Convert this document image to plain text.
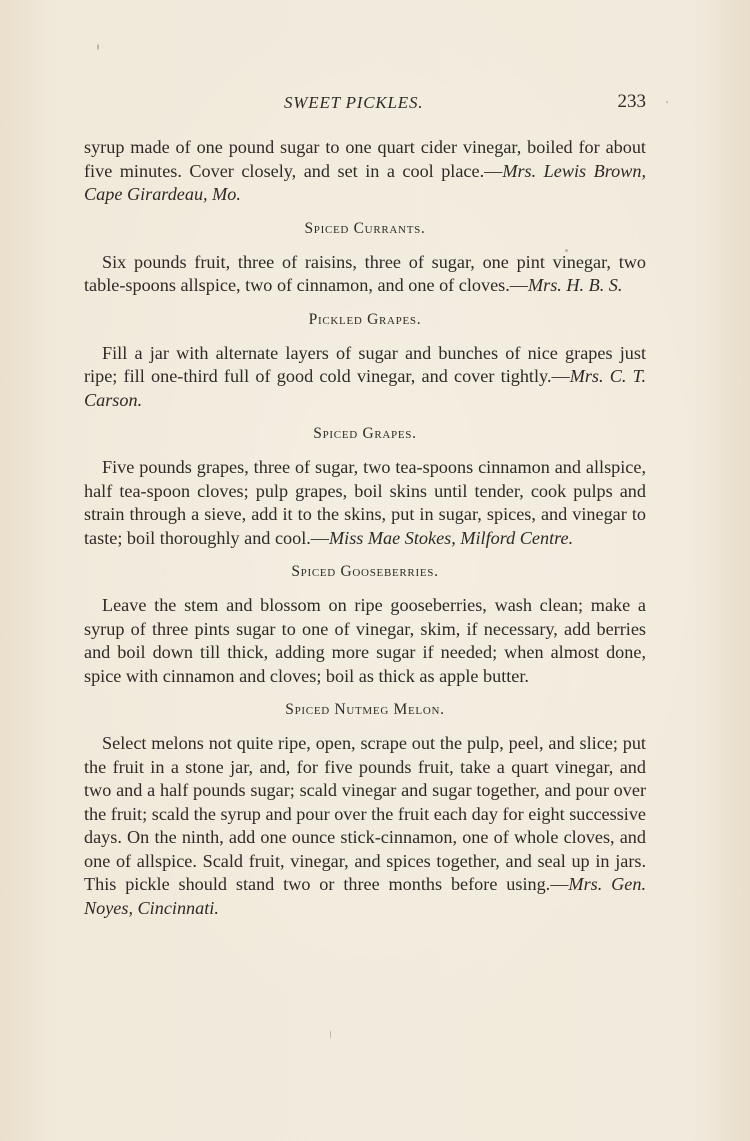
SWEET PICKLES.	233

syrup made of one pound sugar to one quart cider vinegar, boiled for about five minutes. Cover closely, and set in a cool place.—Mrs. Lewis Brown, Cape Girardeau, Mo.

Spiced Currants.

Six pounds fruit, three of raisins, three of sugar, one pint vinegar, two table-spoons allspice, two of cinnamon, and one of cloves.—Mrs. H. B. S.

Pickled Grapes.

Fill a jar with alternate layers of sugar and bunches of nice grapes just ripe; fill one-third full of good cold vinegar, and cover tightly.—Mrs. C. T. Carson.

Spiced Grapes.

Five pounds grapes, three of sugar, two tea-spoons cinnamon and allspice, half tea-spoon cloves; pulp grapes, boil skins until tender, cook pulps and strain through a sieve, add it to the skins, put in sugar, spices, and vinegar to taste; boil thoroughly and cool.—Miss Mae Stokes, Milford Centre.

Spiced Gooseberries.

Leave the stem and blossom on ripe gooseberries, wash clean; make a syrup of three pints sugar to one of vinegar, skim, if necessary, add berries and boil down till thick, adding more sugar if needed; when almost done, spice with cinnamon and cloves; boil as thick as apple butter.

Spiced Nutmeg Melon.

Select melons not quite ripe, open, scrape out the pulp, peel, and slice; put the fruit in a stone jar, and, for five pounds fruit, take a quart vinegar, and two and a half pounds sugar; scald vinegar and sugar together, and pour over the fruit; scald the syrup and pour over the fruit each day for eight successive days. On the ninth, add one ounce stick-cinnamon, one of whole cloves, and one of allspice. Scald fruit, vinegar, and spices together, and seal up in jars. This pickle should stand two or three months before using.—Mrs. Gen. Noyes, Cincinnati.
